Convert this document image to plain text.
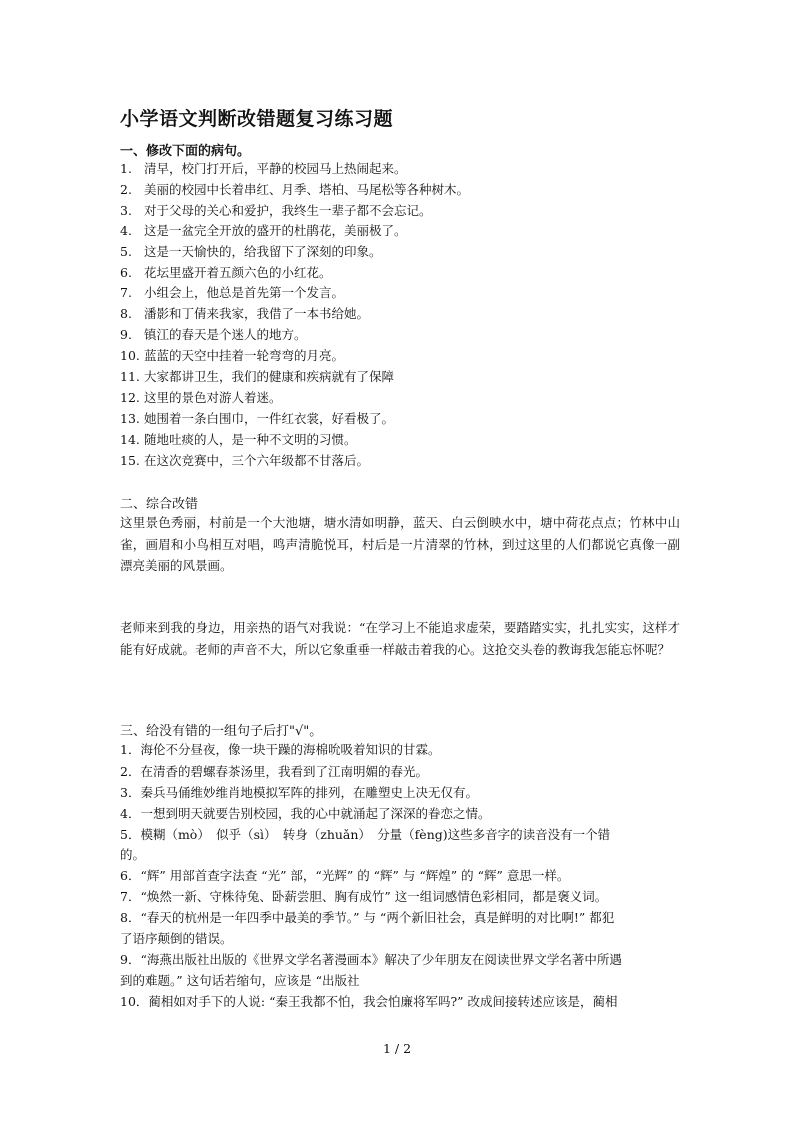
小学语文判断改错题复习练习题
一、修改下面的病句。
1. 清早，校门打开后，平静的校园马上热闹起来。
2. 美丽的校园中长着串红、月季、塔柏、马尾松等各种树木。
3. 对于父母的关心和爱护，我终生一辈子都不会忘记。
4. 这是一盆完全开放的盛开的杜鹃花，美丽极了。
5. 这是一天愉快的，给我留下了深刻的印象。
6. 花坛里盛开着五颜六色的小红花。
7. 小组会上，他总是首先第一个发言。
8. 潘影和丁倩来我家，我借了一本书给她。
9. 镇江的春天是个迷人的地方。
10. 蓝蓝的天空中挂着一轮弯弯的月亮。
11. 大家都讲卫生，我们的健康和疾病就有了保障
12. 这里的景色对游人着迷。
13. 她围着一条白围巾，一件红衣裳，好看极了。
14. 随地吐痰的人，是一种不文明的习惯。
15. 在这次竞赛中，三个六年级都不甘落后。
二、综合改错
这里景色秀丽，村前是一个大池塘，塘水清如明静，蓝天、白云倒映水中，塘中荷花点点；竹林中山雀，画眉和小鸟相互对唱，鸣声清脆悦耳，村后是一片清翠的竹林，到过这里的人们都说它真像一副漂亮美丽的风景画。
老师来到我的身边，用亲热的语气对我说：“在学习上不能追求虚荣，要踏踏实实，扎扎实实，这样才能有好成就。老师的声音不大，所以它象重垂一样敲击着我的心。这抢交头卷的教诲我怎能忘怀呢？
三、给没有错的一组句子后打"√"。
1．海伦不分昼夜，像一块干躁的海棉吮吸着知识的甘霖。
2．在清香的碧螺春茶汤里，我看到了江南明媚的春光。
3．秦兵马俑维妙维肖地模拟军阵的排列，在雕塑史上决无仅有。
4．一想到明天就要告别校园，我的心中就涌起了深深的眷恋之情。
5．模糊（mò）　似乎（sì）　转身（zhuǎn）　分量（fèng)这些多音字的读音没有一个错
的。
6．“辉” 用部首查字法查 “光” 部，“光辉” 的 “辉” 与 “辉煌” 的 “辉” 意思一样。
7．“焕然一新、守株待兔、卧薪尝胆、胸有成竹” 这一组词感情色彩相同，都是褒义词。
8．“春天的杭州是一年四季中最美的季节。” 与 “两个新旧社会，真是鲜明的对比啊!” 都犯
了语序颠倒的错误。
9．“海燕出版社出版的《世界文学名著漫画本》解决了少年朋友在阅读世界文学名著中所遇
到的难题。” 这句话若缩句，应该是 “出版社
10．蔺相如对手下的人说: “秦王我都不怕，我会怕廉将军吗?” 改成间接转述应该是，蔺相
1 / 2
